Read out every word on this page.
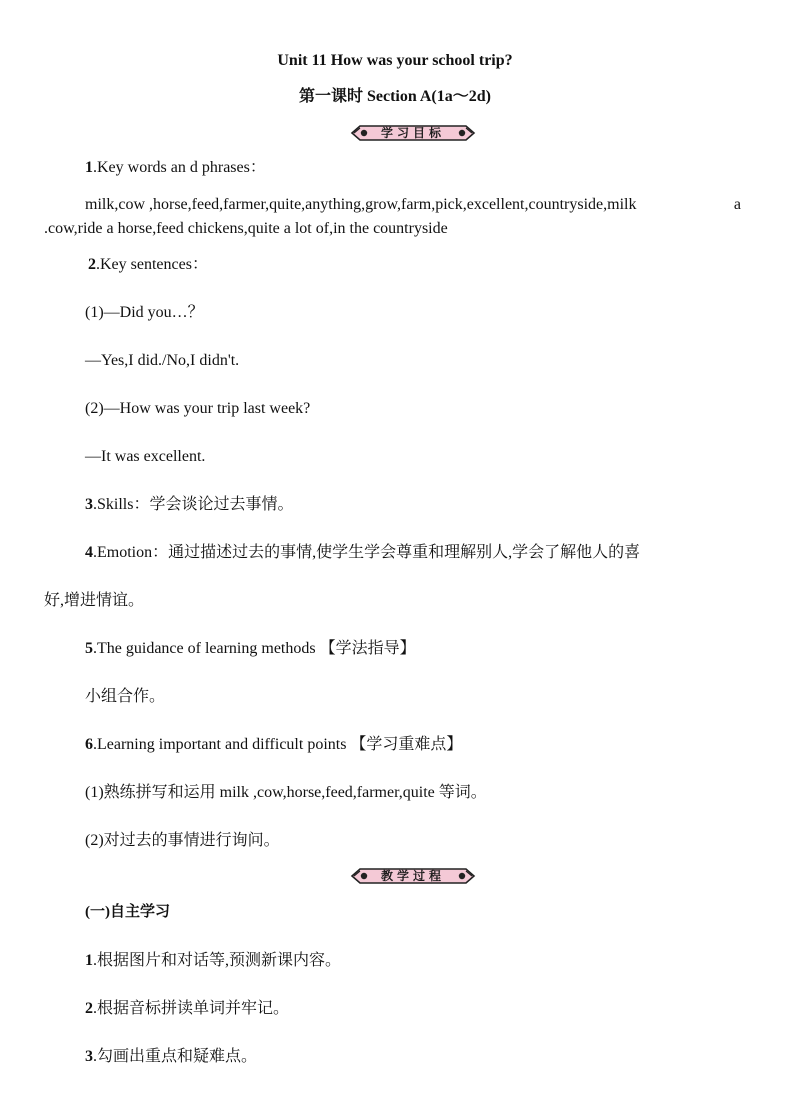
Unit 11 How was your school trip?
第一课时 Section A(1a～2d)
学习目标
1.Key words an d phrases：
milk,cow ,horse,feed,farmer,quite,anything,grow,farm,pick,excellent,countryside,milk	a
.cow,ride a horse,feed chickens,quite a lot of,in the countryside
2.Key sentences：
(1)—Did you…？
—Yes,I did./No,I didn't.
(2)—How was your trip last week?
—It was excellent.
3.Skills：学会谈论过去事情。
4.Emotion：通过描述过去的事情,使学生学会尊重和理解别人,学会了解他人的喜
好,增进情谊。
5.The guidance of learning methods 【学法指导】
小组合作。
6.Learning important and difficult points 【学习重难点】
(1)熟练拼写和运用 milk ,cow,horse,feed,farmer,quite 等词。
(2)对过去的事情进行询问。
教学过程
(一)自主学习
1.根据图片和对话等,预测新课内容。
2.根据音标拼读单词并牢记。
3.勾画出重点和疑难点。
